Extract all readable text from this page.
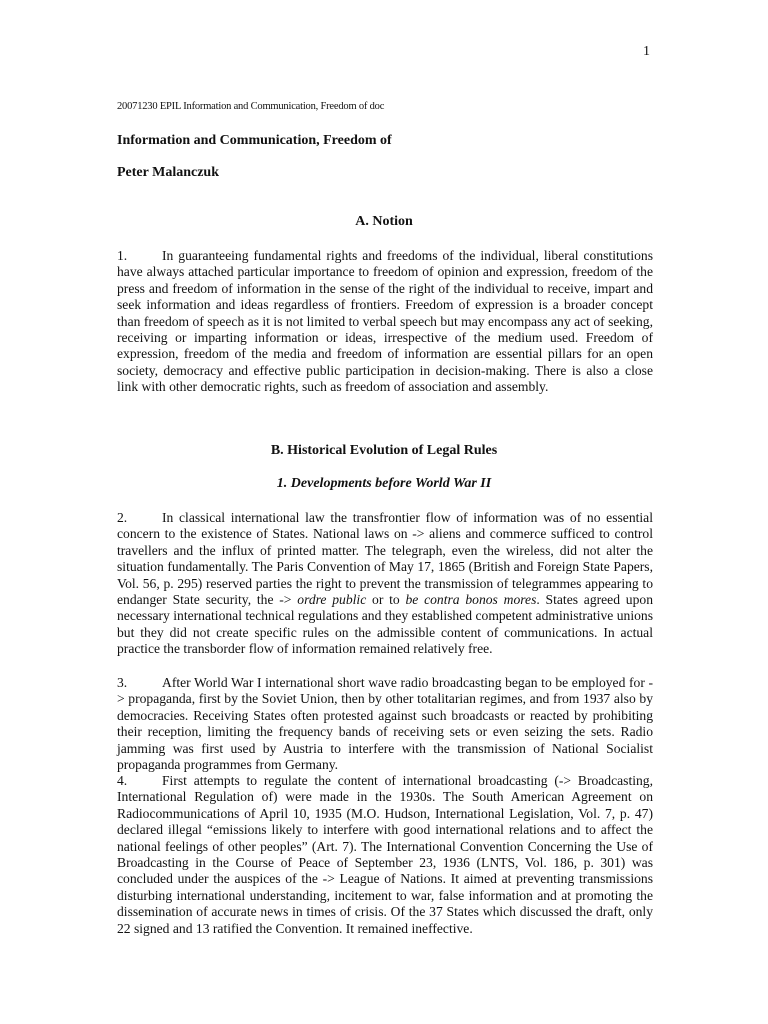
1
20071230 EPIL Information and Communication, Freedom of doc
Information and Communication, Freedom of
Peter Malanczuk
A. Notion

1.	In guaranteeing fundamental rights and freedoms of the individual, liberal constitutions have always attached particular importance to freedom of opinion and expression, freedom of the press and freedom of information in the sense of the right of the individual to receive, impart and seek information and ideas regardless of frontiers. Freedom of expression is a broader concept than freedom of speech as it is not limited to verbal speech but may encompass any act of seeking, receiving or imparting information or ideas, irrespective of the medium used. Freedom of expression, freedom of the media and freedom of information are essential pillars for an open society, democracy and effective public participation in decision-making. There is also a close link with other democratic rights, such as freedom of association and assembly.

B. Historical Evolution of Legal Rules
1. Developments before World War II

2.	In classical international law the transfrontier flow of information was of no essential concern to the existence of States. National laws on -> aliens and commerce sufficed to control travellers and the influx of printed matter. The telegraph, even the wireless, did not alter the situation fundamentally. The Paris Convention of May 17, 1865 (British and Foreign State Papers, Vol. 56, p. 295) reserved parties the right to prevent the transmission of telegrammes appearing to endanger State security, the -> ordre public or to be contra bonos mores. States agreed upon necessary international technical regulations and they established competent administrative unions but they did not create specific rules on the admissible content of communications. In actual practice the transborder flow of information remained relatively free.

3.	After World War I international short wave radio broadcasting began to be employed for -> propaganda, first by the Soviet Union, then by other totalitarian regimes, and from 1937 also by democracies. Receiving States often protested against such broadcasts or reacted by prohibiting their reception, limiting the frequency bands of receiving sets or even seizing the sets. Radio jamming was first used by Austria to interfere with the transmission of National Socialist propaganda programmes from Germany.

4.	First attempts to regulate the content of international broadcasting (-> Broadcasting, International Regulation of) were made in the 1930s. The South American Agreement on Radiocommunications of April 10, 1935 (M.O. Hudson, International Legislation, Vol. 7, p. 47) declared illegal “emissions likely to interfere with good international relations and to affect the national feelings of other peoples” (Art. 7). The International Convention Concerning the Use of Broadcasting in the Course of Peace of September 23, 1936 (LNTS, Vol. 186, p. 301) was concluded under the auspices of the -> League of Nations. It aimed at preventing transmissions disturbing international understanding, incitement to war, false information and at promoting the dissemination of accurate news in times of crisis. Of the 37 States which discussed the draft, only 22 signed and 13 ratified the Convention. It remained ineffective.
